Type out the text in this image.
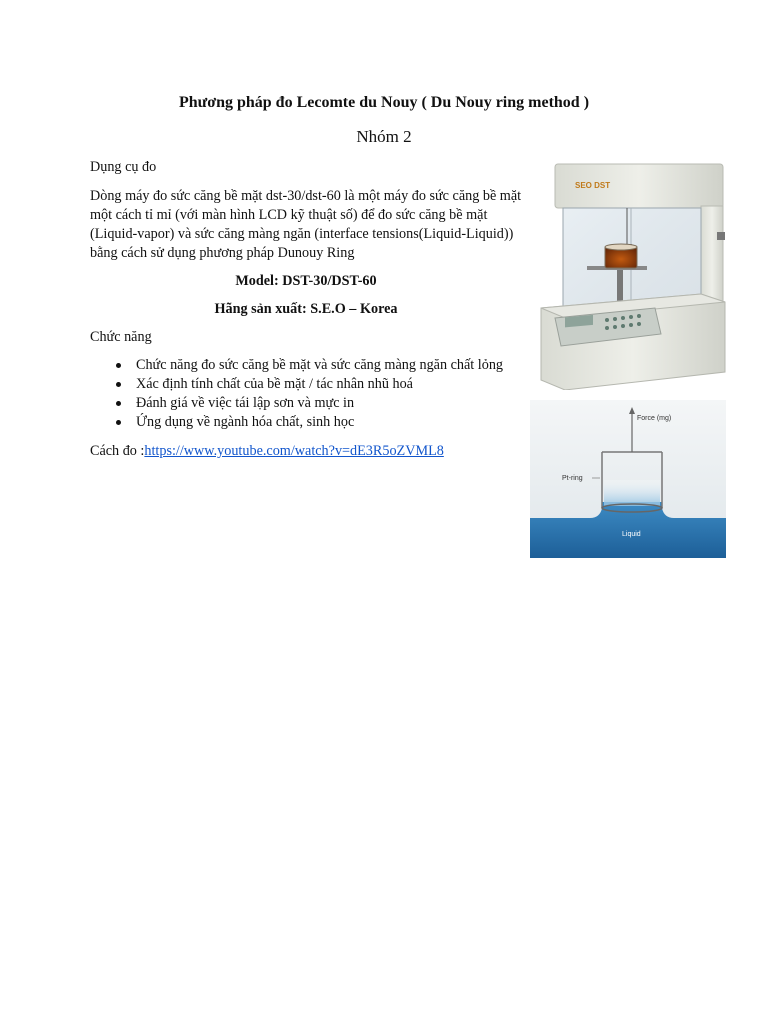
Phương pháp đo Lecomte du Nouy ( Du Nouy ring method )
Nhóm 2

Dụng cụ đo

Dòng máy đo sức căng bề mặt dst-30/dst-60 là một máy đo sức căng bề mặt một cách tỉ mỉ (với màn hình LCD kỹ thuật số) để đo sức căng bề mặt (Liquid-vapor) và sức căng màng ngăn (interface tensions(Liquid-Liquid)) bằng cách sử dụng phương pháp Dunouy Ring

Model: DST-30/DST-60

Hãng sản xuất: S.E.O – Korea

Chức năng

Chức năng đo sức căng bề mặt và sức căng màng ngăn chất lỏng
Xác định tính chất của bề mặt / tác nhân nhũ hoá
Đánh giá về việc tái lập sơn và mực in
Ứng dụng về ngành hóa chất, sinh học

Cách đo :https://www.youtube.com/watch?v=dE3R5oZVML8

SEO DST
Force (mg)
Pt-ring
Liquid
